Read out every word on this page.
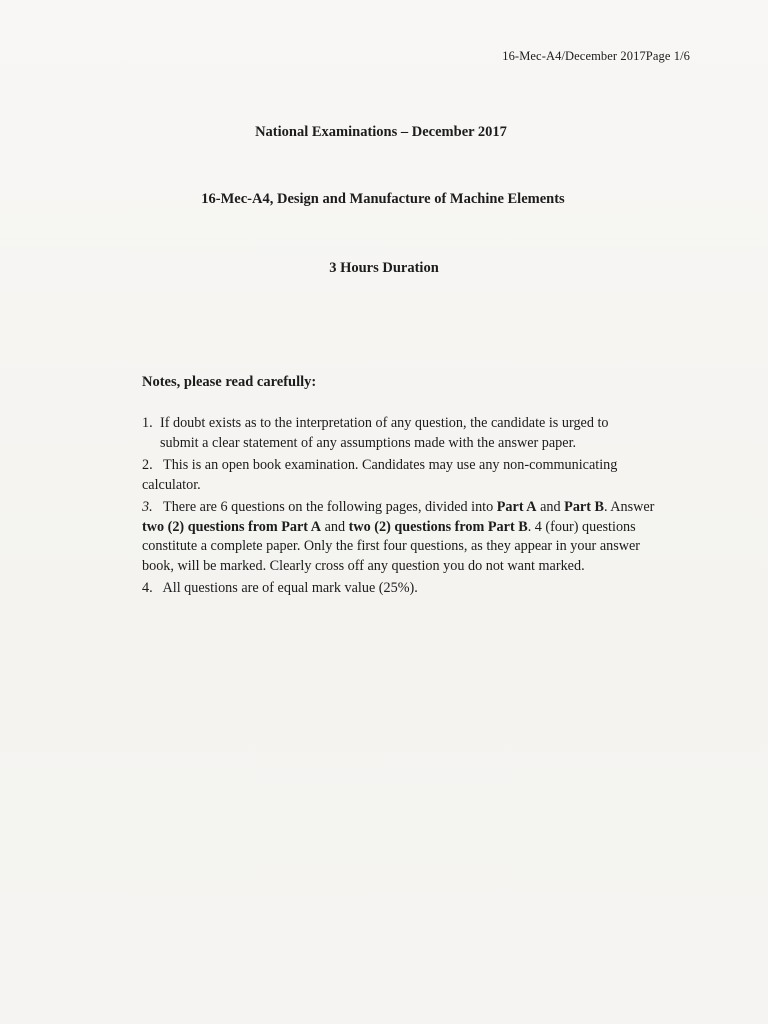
16-Mec-A4/December 2017Page 1/6
National Examinations – December 2017
16-Mec-A4, Design and Manufacture of Machine Elements
3 Hours Duration
Notes, please read carefully:
1. If doubt exists as to the interpretation of any question, the candidate is urged to
submit a clear statement of any assumptions made with the answer paper.
2.   This is an open book examination. Candidates may use any non-communicating calculator.
3.   There are 6 questions on the following pages, divided into Part A and Part B. Answer two (2) questions from Part A and two (2) questions from Part B. 4 (four) questions constitute a complete paper. Only the first four questions, as they appear in your answer book, will be marked. Clearly cross off any question you do not want marked.
4.   All questions are of equal mark value (25%).
